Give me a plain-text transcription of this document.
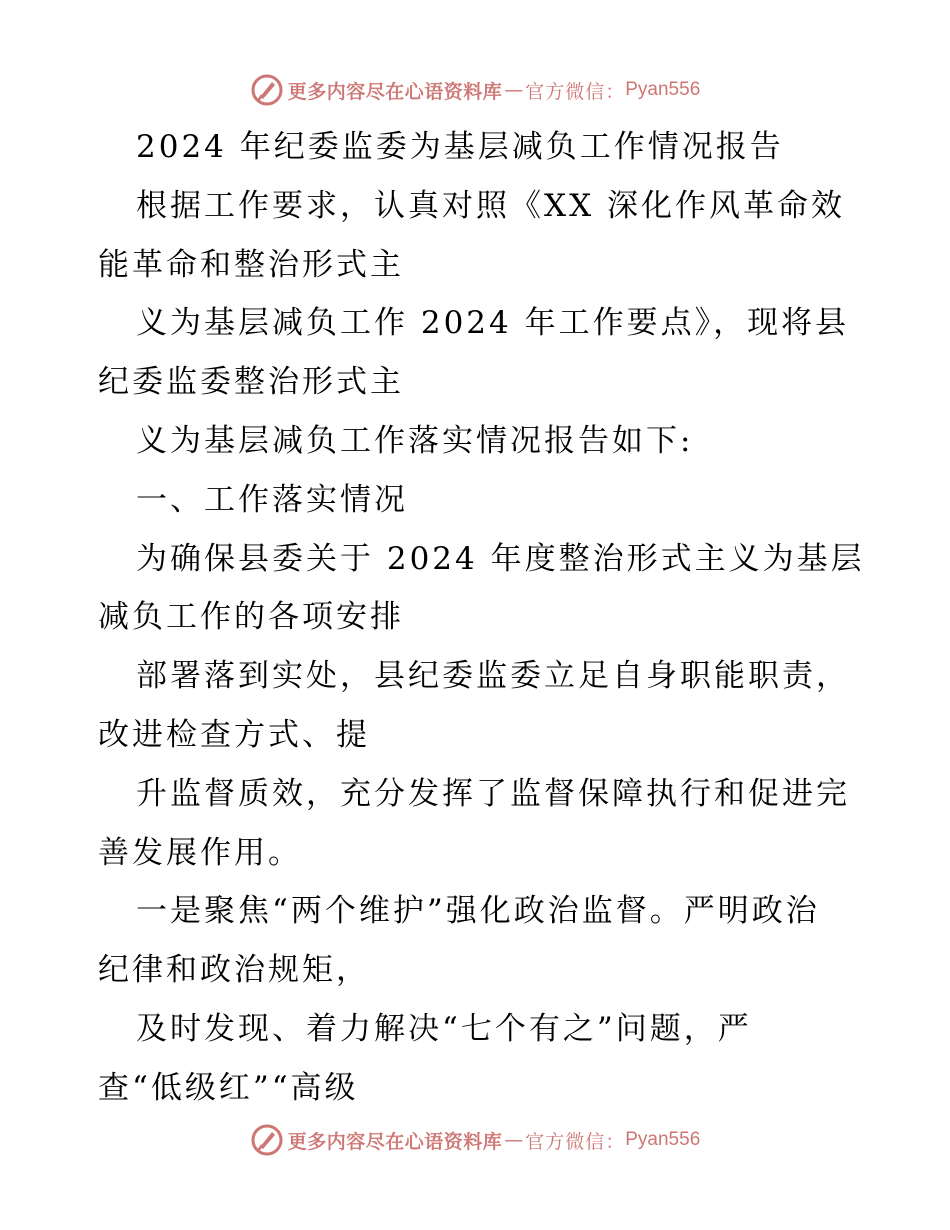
更多内容尽在心语资料库 — 官方微信： Pyan556
2024 年纪委监委为基层减负工作情况报告
根据工作要求，认真对照《XX 深化作风革命效
能革命和整治形式主
义为基层减负工作 2024 年工作要点》，现将县
纪委监委整治形式主
义为基层减负工作落实情况报告如下:
一、工作落实情况
为确保县委关于 2024 年度整治形式主义为基层
减负工作的各项安排
部署落到实处，县纪委监委立足自身职能职责，
改进检查方式、提
升监督质效，充分发挥了监督保障执行和促进完
善发展作用。
一是聚焦“两个维护”强化政治监督。严明政治
纪律和政治规矩，
及时发现、着力解决“七个有之”问题，严
查“低级红”“高级
更多内容尽在心语资料库 — 官方微信： Pyan556
